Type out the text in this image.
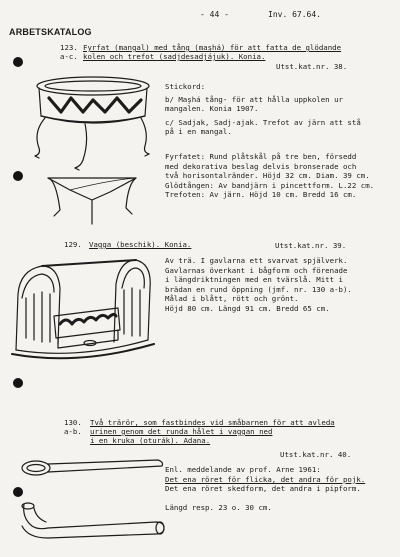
- 44 -	Inv. 67.64.
ARBETSKATALOG
123.
a-c.
Fyrfat (mangal) med tång (maşhá) för att fatta de glödande
kolen och trefot (sadjdesadjájuk). Konia.
Utst.kat.nr. 38.
Stickord:
b/ Maşhá tång- för att hålla uppkolen ur
mangalen. Konia 1907.
c/ Sadjak, Sadj-ajak. Trefot av järn att stå
på i en mangal.
Fyrfatet: Rund plåtskål på tre ben, försedd
med dekorativa beslag delvis bronserade och
två horisontalränder. Höjd 32 cm. Diam. 39 cm.
Glödtången: Av bandjärn i pincettform. L.22 cm.
Trefoten: Av järn. Höjd 10 cm. Bredd 16 cm.
129. Vagga (beschik). Konia.	Utst.kat.nr. 39.
Av trä. I gavlarna ett svarvat spjälverk.
Gavlarnas överkant i bågform och förenade
i längdriktningen med en tvärslå. Mitt i
brädan en rund öppning (jmf. nr. 130 a-b).
Målad i blått, rött och grönt.
Höjd 80 cm. Längd 91 cm. Bredd 65 cm.
130.
a-b.
Två trärör, som fastbindes vid småbarnen för att avleda
urinen genom det runda hålet i vaggan ned
i en kruka (oturák). Adana.
Utst.kat.nr. 40.
Enl. meddelande av prof. Arne 1961:
Det ena röret för flicka, det andra för pojk.
Det ena röret skedform, det andra i pipform.
Längd resp. 23 o. 30 cm.
